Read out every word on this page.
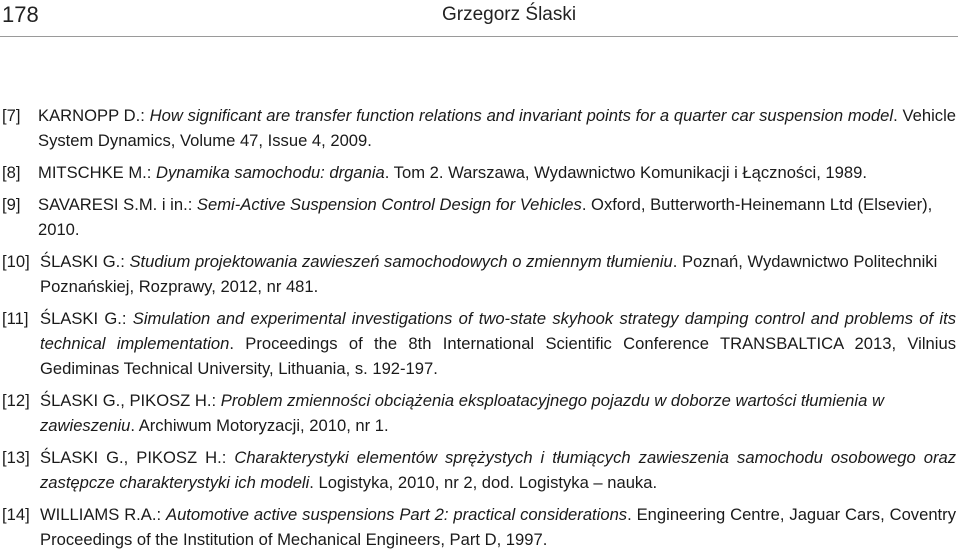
178	Grzegorz Ślaski
[7] KARNOPP D.: How significant are transfer function relations and invariant points for a quarter car suspension model. Vehicle System Dynamics, Volume 47, Issue 4, 2009.
[8] MITSCHKE M.: Dynamika samochodu: drgania. Tom 2. Warszawa, Wydawnictwo Komunikacji i Łączności, 1989.
[9] SAVARESI S.M. i in.: Semi-Active Suspension Control Design for Vehicles. Oxford, Butterworth-Heinemann Ltd (Elsevier), 2010.
[10] ŚLASKI G.: Studium projektowania zawieszeń samochodowych o zmiennym tłumieniu. Poznań, Wydawnictwo Politechniki Poznańskiej, Rozprawy, 2012, nr 481.
[11] ŚLASKI G.: Simulation and experimental investigations of two-state skyhook strategy damping control and problems of its technical implementation. Proceedings of the 8th International Scientific Conference TRANSBALTICA 2013, Vilnius Gediminas Technical University, Lithuania, s. 192-197.
[12] ŚLASKI G., PIKOSZ H.: Problem zmienności obciążenia eksploatacyjnego pojazdu w doborze wartości tłumienia w zawieszeniu. Archiwum Motoryzacji, 2010, nr 1.
[13] ŚLASKI G., PIKOSZ H.: Charakterystyki elementów sprężystych i tłumiących zawieszenia samochodu osobowego oraz zastępcze charakterystyki ich modeli. Logistyka, 2010, nr 2, dod. Logistyka – nauka.
[14] WILLIAMS R.A.: Automotive active suspensions Part 2: practical considerations. Engineering Centre, Jaguar Cars, Coventry Proceedings of the Institution of Mechanical Engineers, Part D, 1997.
